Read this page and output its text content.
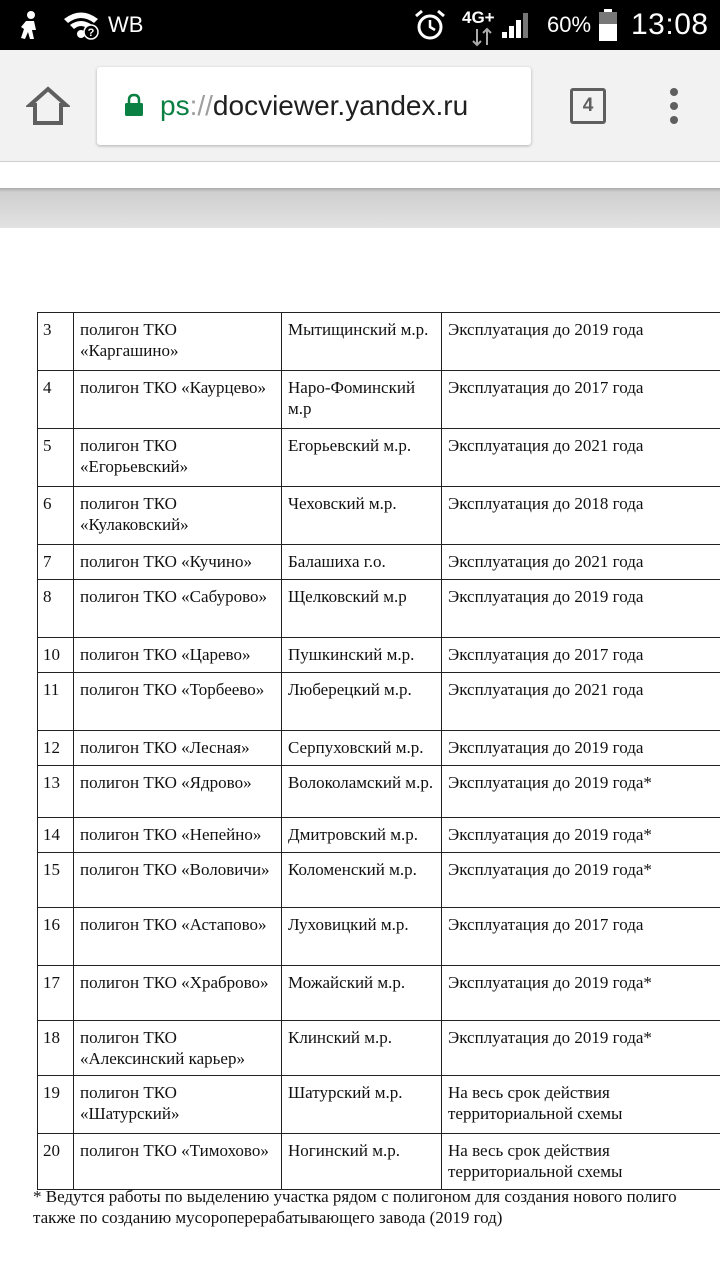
? WB	4G+ 60% 13:08
ps://docviewer.yandex.ru	4
3	полигон ТКО «Каргашино»	Мытищинский м.р.	Эксплуатация до 2019 года
4	полигон ТКО «Каурцево»	Наро-Фоминский м.р	Эксплуатация до 2017 года
5	полигон ТКО «Егорьевский»	Егорьевский м.р.	Эксплуатация до 2021 года
6	полигон ТКО «Кулаковский»	Чеховский м.р.	Эксплуатация до 2018 года
7	полигон ТКО «Кучино»	Балашиха г.о.	Эксплуатация до 2021 года
8	полигон ТКО «Сабурово»	Щелковский м.р	Эксплуатация до 2019 года
10	полигон ТКО «Царево»	Пушкинский м.р.	Эксплуатация до 2017 года
11	полигон ТКО «Торбеево»	Люберецкий м.р.	Эксплуатация до 2021 года
12	полигон ТКО «Лесная»	Серпуховский м.р.	Эксплуатация до 2019 года
13	полигон ТКО «Ядрово»	Волоколамский м.р.	Эксплуатация до 2019 года*
14	полигон ТКО «Непейно»	Дмитровский м.р.	Эксплуатация до 2019 года*
15	полигон ТКО «Воловичи»	Коломенский м.р.	Эксплуатация до 2019 года*
16	полигон ТКО «Астапово»	Луховицкий м.р.	Эксплуатация до 2017 года
17	полигон ТКО «Храброво»	Можайский м.р.	Эксплуатация до 2019 года*
18	полигон ТКО «Алексинский карьер»	Клинский м.р.	Эксплуатация до 2019 года*
19	полигон ТКО «Шатурский»	Шатурский м.р.	На весь срок действия территориальной схемы
20	полигон ТКО «Тимохово»	Ногинский м.р.	На весь срок действия территориальной схемы
* Ведутся работы по выделению участка рядом с полигоном для создания нового полиго
также по созданию мусороперерабатывающего завода (2019 год)
